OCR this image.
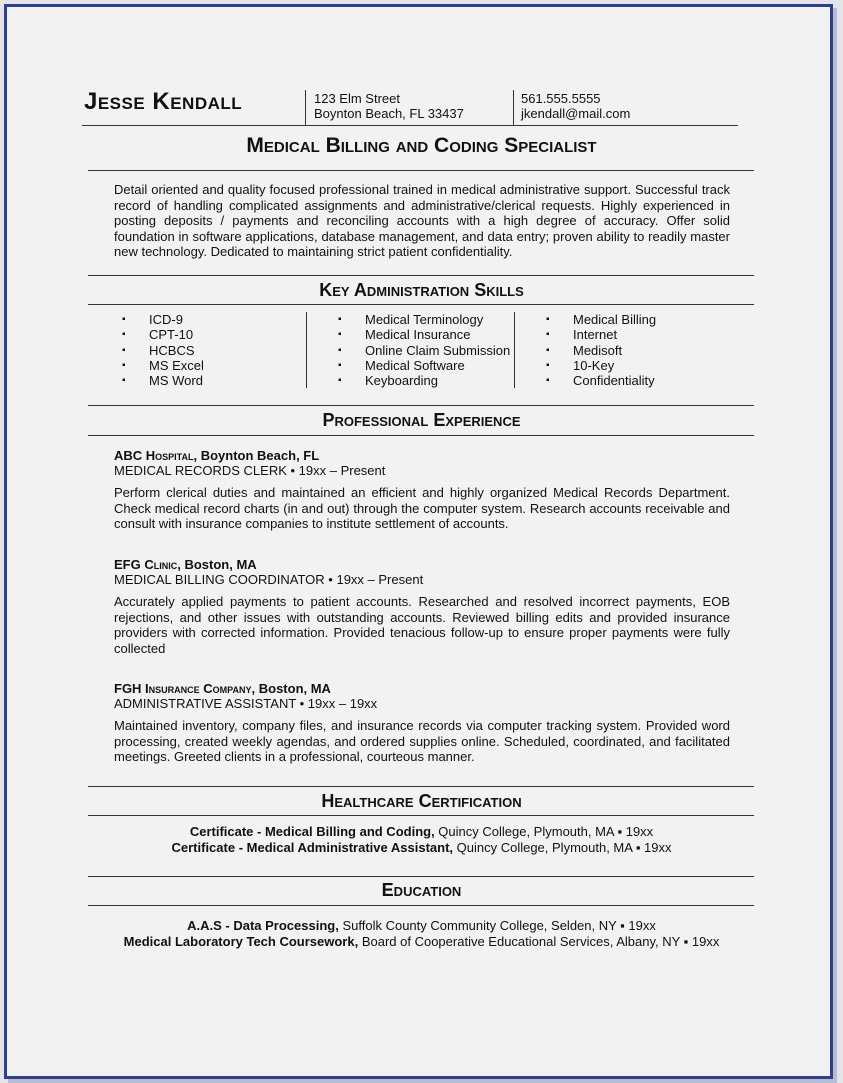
Jesse Kendall	123 Elm Street
Boynton Beach, FL 33437
561.555.5555
jkendall@mail.com
Medical Billing and Coding Specialist
Detail oriented and quality focused professional trained in medical administrative support. Successful track record of handling complicated assignments and administrative/clerical requests. Highly experienced in posting deposits / payments and reconciling accounts with a high degree of accuracy. Offer solid foundation in software applications, database management, and data entry; proven ability to readily master new technology. Dedicated to maintaining strict patient confidentiality.
Key Administration Skills
▪ ICD-9
▪ CPT-10
▪ HCBCS
▪ MS Excel
▪ MS Word
▪ Medical Terminology
▪ Medical Insurance
▪ Online Claim Submission
▪ Medical Software
▪ Keyboarding
▪ Medical Billing
▪ Internet
▪ Medisoft
▪ 10-Key
▪ Confidentiality
Professional Experience
ABC Hospital, Boynton Beach, FL
MEDICAL RECORDS CLERK • 19xx – Present
Perform clerical duties and maintained an efficient and highly organized Medical Records Department. Check medical record charts (in and out) through the computer system. Research accounts receivable and consult with insurance companies to institute settlement of accounts.
EFG Clinic, Boston, MA
MEDICAL BILLING COORDINATOR • 19xx – Present
Accurately applied payments to patient accounts. Researched and resolved incorrect payments, EOB rejections, and other issues with outstanding accounts. Reviewed billing edits and provided insurance providers with corrected information. Provided tenacious follow-up to ensure proper payments were fully collected
FGH Insurance Company, Boston, MA
ADMINISTRATIVE ASSISTANT • 19xx – 19xx
Maintained inventory, company files, and insurance records via computer tracking system. Provided word processing, created weekly agendas, and ordered supplies online. Scheduled, coordinated, and facilitated meetings. Greeted clients in a professional, courteous manner.
Healthcare Certification
Certificate - Medical Billing and Coding, Quincy College, Plymouth, MA ▪ 19xx
Certificate - Medical Administrative Assistant, Quincy College, Plymouth, MA ▪ 19xx
Education
A.A.S - Data Processing, Suffolk County Community College, Selden, NY ▪ 19xx
Medical Laboratory Tech Coursework, Board of Cooperative Educational Services, Albany, NY ▪ 19xx
